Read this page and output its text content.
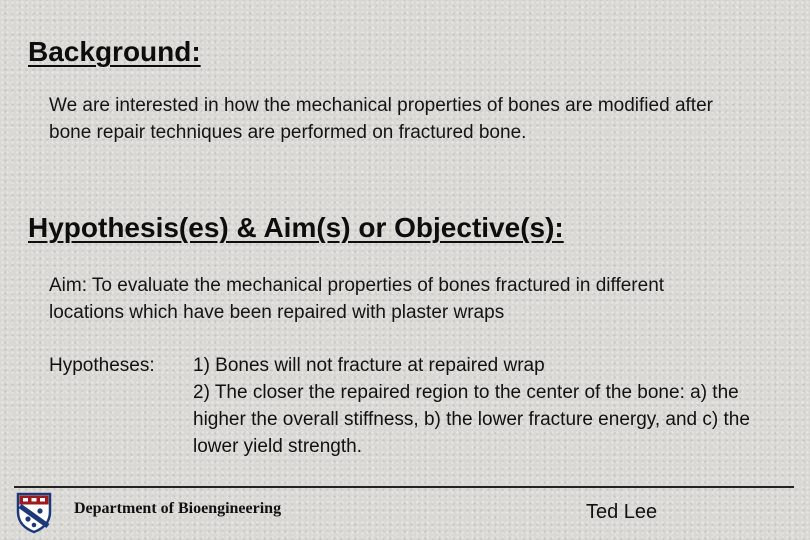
Background:

We are interested in how the mechanical properties of bones are modified after bone repair techniques are performed on fractured bone.

Hypothesis(es) & Aim(s) or Objective(s):

Aim: To evaluate the mechanical properties of bones fractured in different locations which have been repaired with plaster wraps

Hypotheses: 1) Bones will not fracture at repaired wrap
2) The closer the repaired region to the center of the bone: a) the higher the overall stiffness, b) the lower fracture energy, and c) the lower yield strength.

Department of Bioengineering	Ted Lee
